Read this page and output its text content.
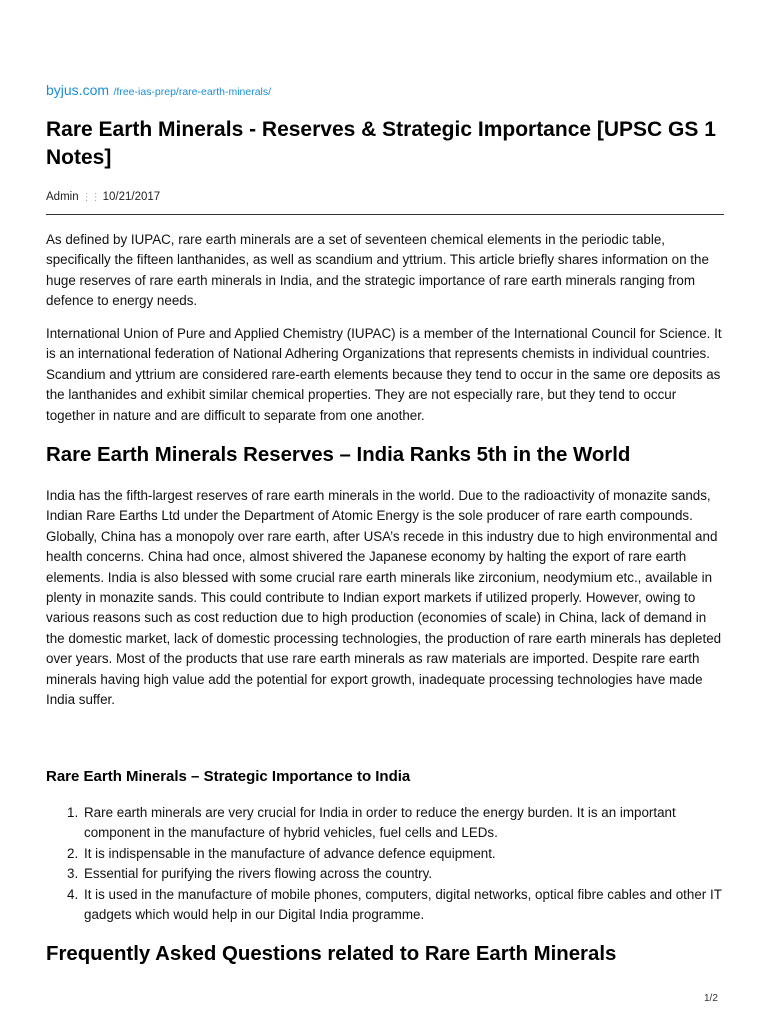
byjus.com /free-ias-prep/rare-earth-minerals/
Rare Earth Minerals - Reserves & Strategic Importance [UPSC GS 1 Notes]
Admin ⋮⋮ 10/21/2017

As defined by IUPAC, rare earth minerals are a set of seventeen chemical elements in the periodic table, specifically the fifteen lanthanides, as well as scandium and yttrium. This article briefly shares information on the huge reserves of rare earth minerals in India, and the strategic importance of rare earth minerals ranging from defence to energy needs.

International Union of Pure and Applied Chemistry (IUPAC) is a member of the International Council for Science. It is an international federation of National Adhering Organizations that represents chemists in individual countries. Scandium and yttrium are considered rare-earth elements because they tend to occur in the same ore deposits as the lanthanides and exhibit similar chemical properties. They are not especially rare, but they tend to occur together in nature and are difficult to separate from one another.

Rare Earth Minerals Reserves – India Ranks 5th in the World

India has the fifth-largest reserves of rare earth minerals in the world. Due to the radioactivity of monazite sands, Indian Rare Earths Ltd under the Department of Atomic Energy is the sole producer of rare earth compounds. Globally, China has a monopoly over rare earth, after USA’s recede in this industry due to high environmental and health concerns. China had once, almost shivered the Japanese economy by halting the export of rare earth elements. India is also blessed with some crucial rare earth minerals like zirconium, neodymium etc., available in plenty in monazite sands. This could contribute to Indian export markets if utilized properly. However, owing to various reasons such as cost reduction due to high production (economies of scale) in China, lack of demand in the domestic market, lack of domestic processing technologies, the production of rare earth minerals has depleted over years. Most of the products that use rare earth minerals as raw materials are imported. Despite rare earth minerals having high value add the potential for export growth, inadequate processing technologies have made India suffer.

Rare Earth Minerals – Strategic Importance to India
1. Rare earth minerals are very crucial for India in order to reduce the energy burden. It is an important component in the manufacture of hybrid vehicles, fuel cells and LEDs.
2. It is indispensable in the manufacture of advance defence equipment.
3. Essential for purifying the rivers flowing across the country.
4. It is used in the manufacture of mobile phones, computers, digital networks, optical fibre cables and other IT gadgets which would help in our Digital India programme.
Frequently Asked Questions related to Rare Earth Minerals
1/2
